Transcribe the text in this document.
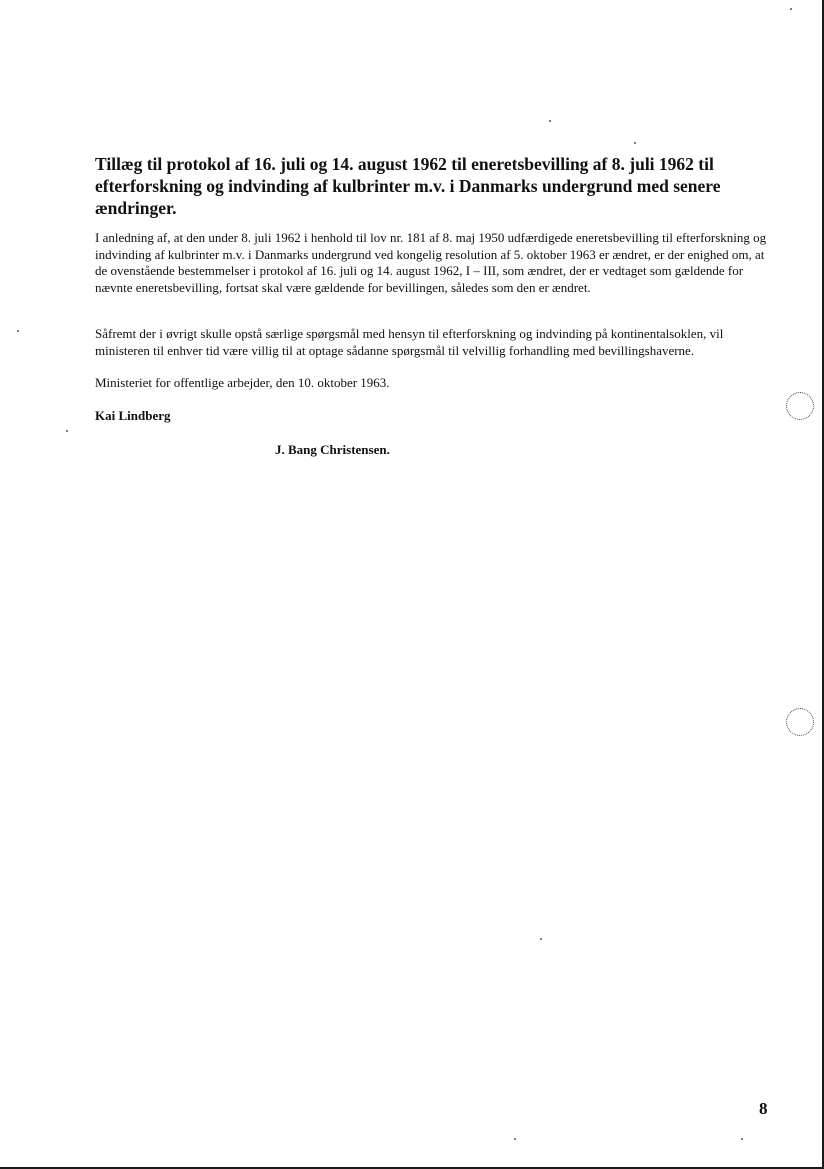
Tillæg til protokol af 16. juli og 14. august 1962 til eneretsbevilling af 8. juli 1962 til efterforskning og indvinding af kulbrinter m.v. i Danmarks undergrund med senere ændringer.

I anledning af, at den under 8. juli 1962 i henhold til lov nr. 181 af 8. maj 1950 udfærdigede eneretsbevilling til efterforskning og indvinding af kulbrinter m.v. i Danmarks undergrund ved kongelig resolution af 5. oktober 1963 er ændret, er der enighed om, at de ovenstående bestemmelser i protokol af 16. juli og 14. august 1962, I – III, som ændret, der er vedtaget som gældende for nævnte eneretsbevilling, fortsat skal være gældende for bevillingen, således som den er ændret.

Såfremt der i øvrigt skulle opstå særlige spørgsmål med hensyn til efterforskning og indvinding på kontinentalsoklen, vil ministeren til enhver tid være villig til at optage sådanne spørgsmål til velvillig forhandling med bevillingshaverne.

Ministeriet for offentlige arbejder, den 10. oktober 1963.

Kai Lindberg

J. Bang Christensen.

8
